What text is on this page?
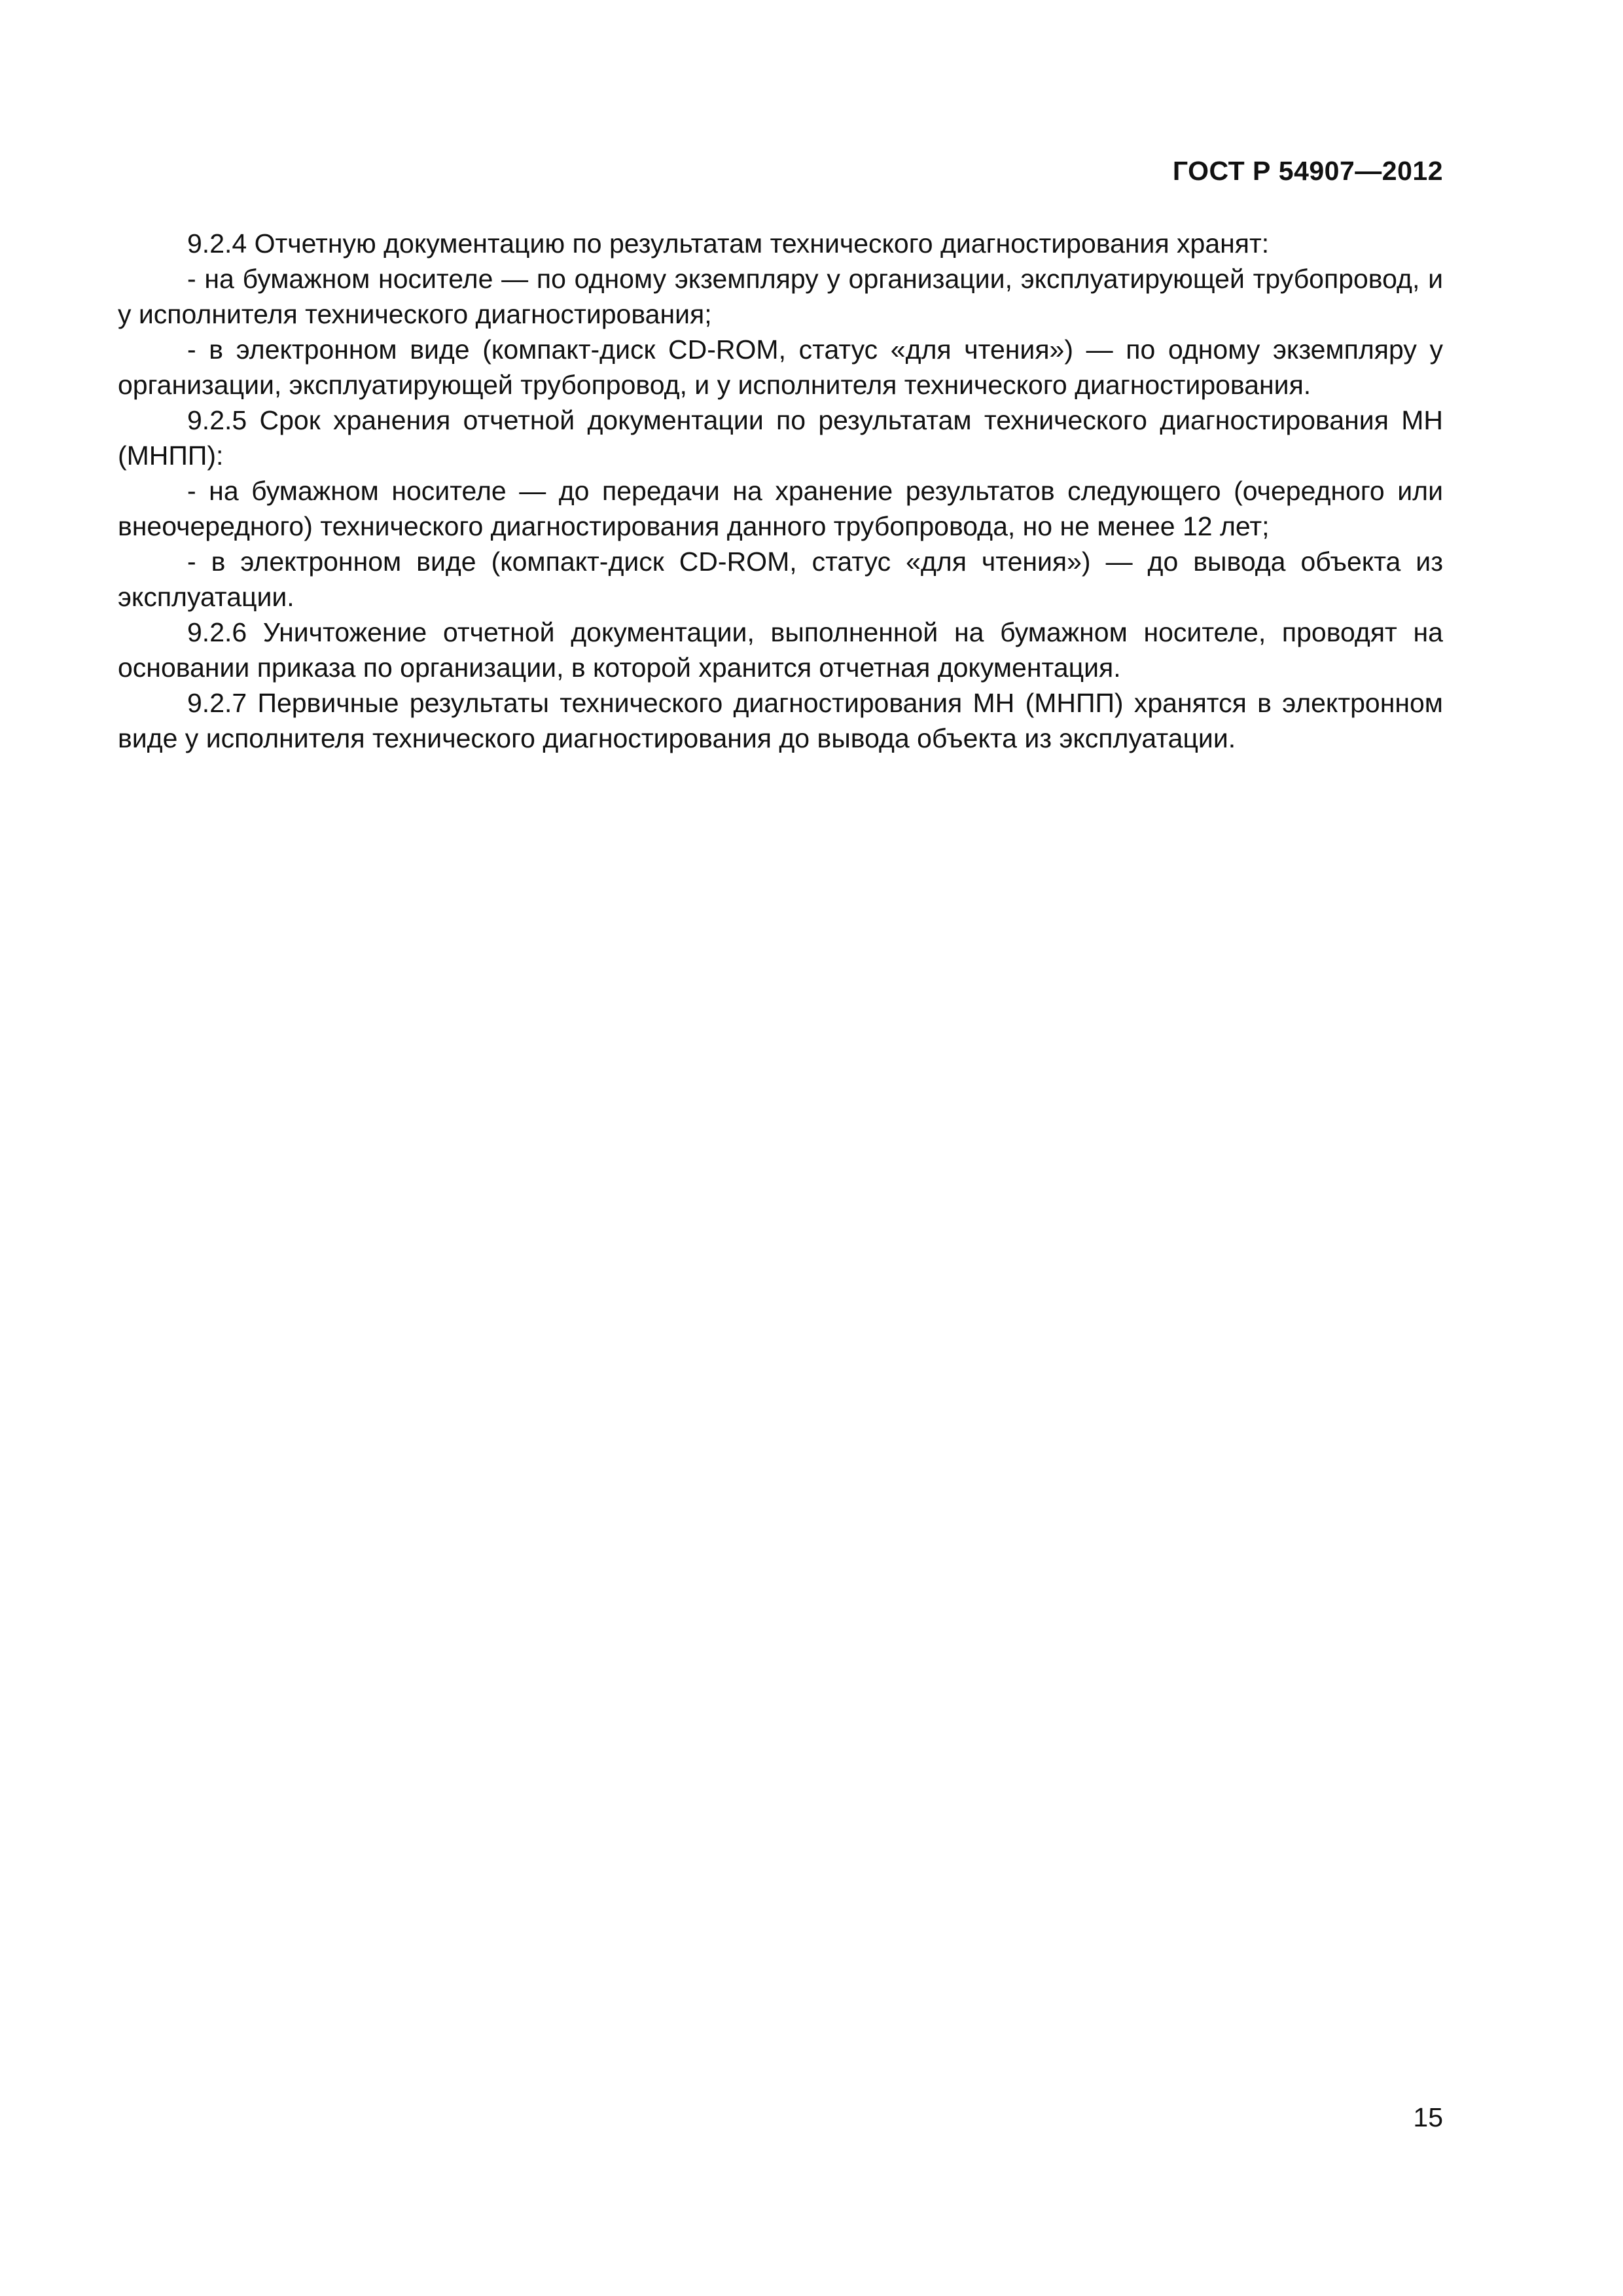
ГОСТ Р 54907—2012

9.2.4 Отчетную документацию по результатам технического диагностирования хранят:

- на бумажном носителе — по одному экземпляру у организации, эксплуатирующей трубопровод, и у исполнителя технического диагностирования;

- в электронном виде (компакт-диск CD-ROM, статус «для чтения») — по одному экземпляру у организации, эксплуатирующей трубопровод, и у исполнителя технического диагностирования.

9.2.5 Срок хранения отчетной документации по результатам технического диагностирования МН (МНПП):

- на бумажном носителе — до передачи на хранение результатов следующего (очередного или внеочередного) технического диагностирования данного трубопровода, но не менее 12 лет;

- в электронном виде (компакт-диск CD-ROM, статус «для чтения») — до вывода объекта из эксплуатации.

9.2.6 Уничтожение отчетной документации, выполненной на бумажном носителе, проводят на основании приказа по организации, в которой хранится отчетная документация.

9.2.7 Первичные результаты технического диагностирования МН (МНПП) хранятся в электронном виде у исполнителя технического диагностирования до вывода объекта из эксплуатации.

15
